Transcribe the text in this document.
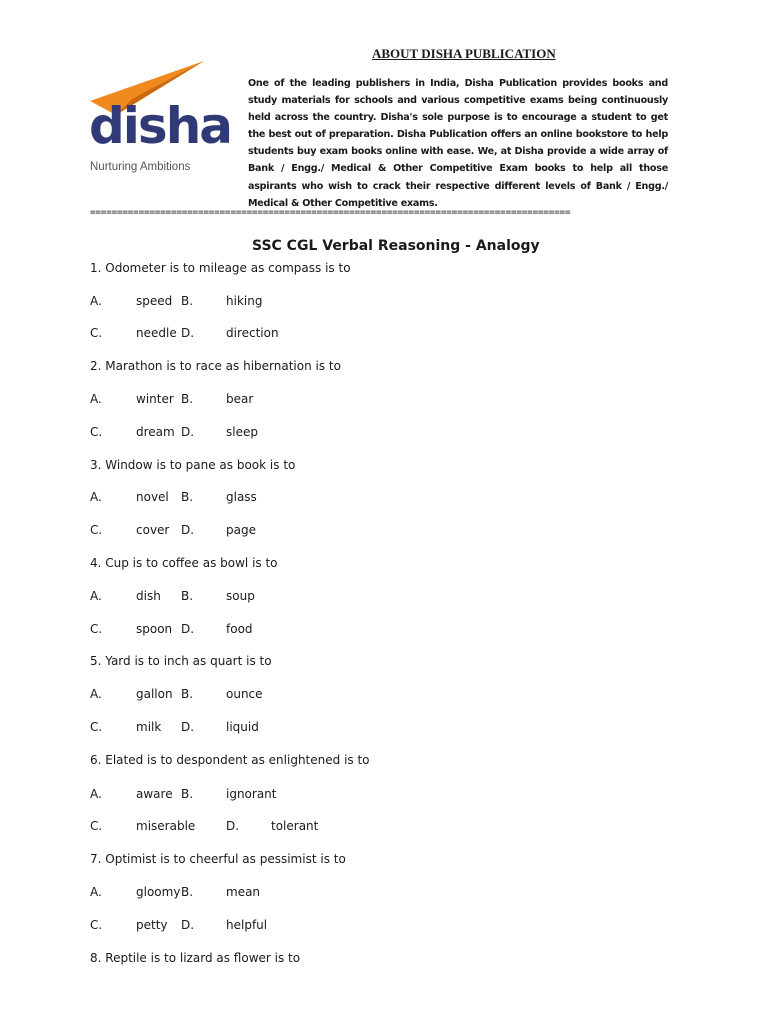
disha
Nurturing Ambitions
ABOUT DISHA PUBLICATION

One of the leading publishers in India, Disha Publication provides books and study materials for schools and various competitive exams being continuously held across the country. Disha's sole purpose is to encourage a student to get the best out of preparation. Disha Publication offers an online bookstore to help students buy exam books online with ease. We, at Disha provide a wide array of Bank / Engg./ Medical & Other Competitive Exam books to help all those aspirants who wish to crack their respective different levels of Bank / Engg./ Medical & Other Competitive exams.

=========================================================================================
SSC CGL Verbal Reasoning - Analogy
1. Odometer is to mileage as compass is to
A.	speed B.	hiking
C.	needle D.	direction
2. Marathon is to race as hibernation is to
A.	winter B.	bear
C.	dream D.	sleep
3. Window is to pane as book is to
A.	novel B.	glass
C.	cover D.	page
4. Cup is to coffee as bowl is to
A.	dish B.	soup
C.	spoon D.	food
5. Yard is to inch as quart is to
A.	gallon B.	ounce
C.	milk D.	liquid
6. Elated is to despondent as enlightened is to
A.	aware B.	ignorant
C.	miserable	D.	tolerant
7. Optimist is to cheerful as pessimist is to
A.	gloomy B.	mean
C.	petty D.	helpful
8. Reptile is to lizard as flower is to
